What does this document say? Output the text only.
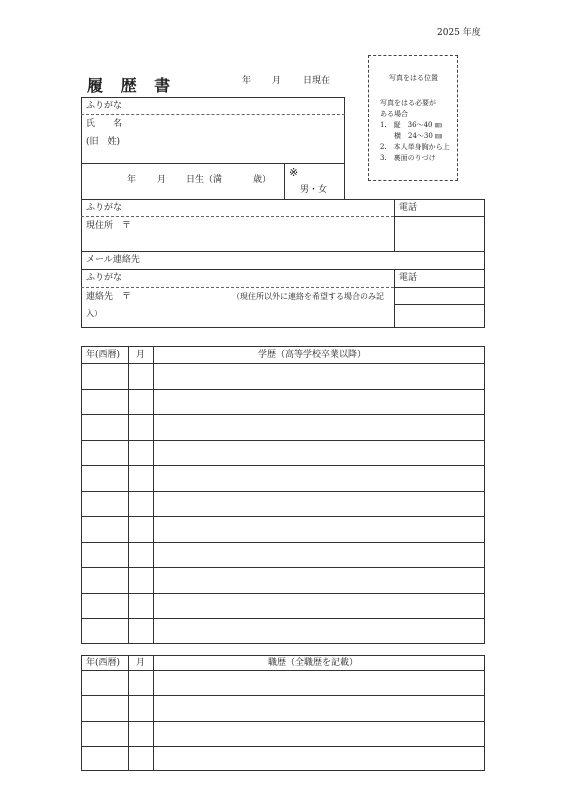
2025 年度
履 歴 書	年 月 日現在	写真をはる位置
写真をはる必要が
ある場合
1.　縦　36～40 ㎜
　　横　24～30 ㎜
2.　本人単身胸から上
3.　裏面のりづけ
ふりがな
氏　　名
(旧　姓)
年 月 日生（満	歳）
※
男・女
ふりがな	電話
現住所　〒
メール連絡先
ふりがな	電話
連絡先　〒	（現住所以外に連絡を希望する場合のみ記
入）
年(西暦) 月	学歴（高等学校卒業以降）
年(西暦) 月	職歴（全職歴を記載）
